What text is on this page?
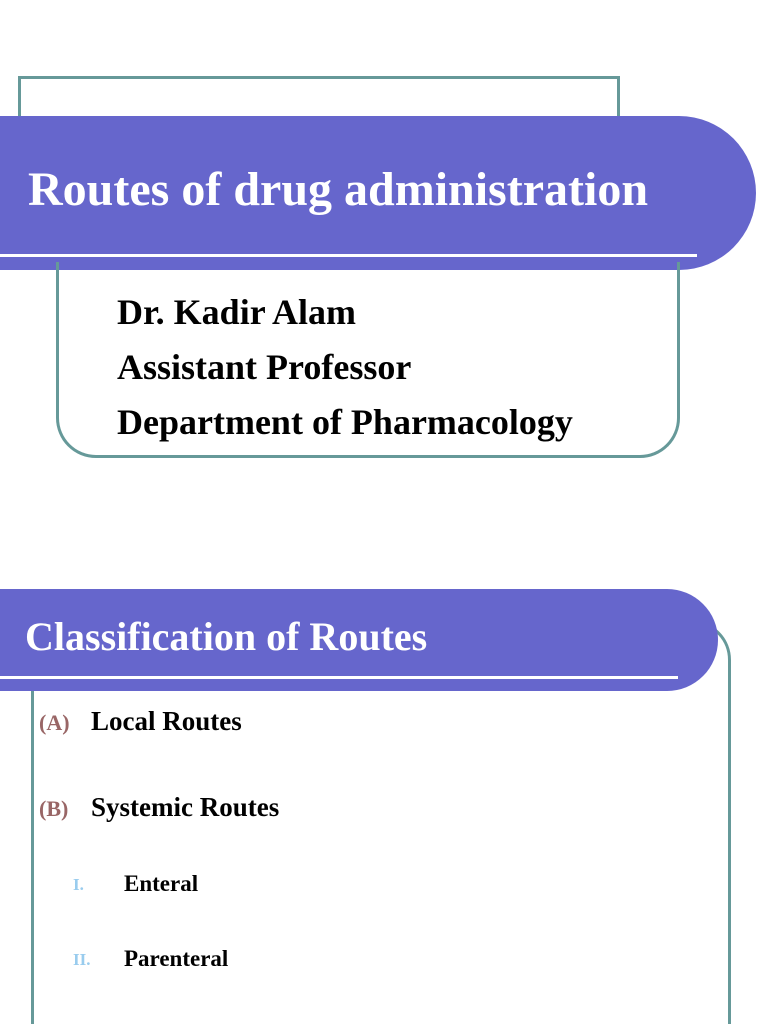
Routes of drug administration
Dr. Kadir Alam
Assistant Professor
Department of Pharmacology
Classification of Routes
(A) Local Routes
(B) Systemic Routes
I. Enteral
II. Parenteral
